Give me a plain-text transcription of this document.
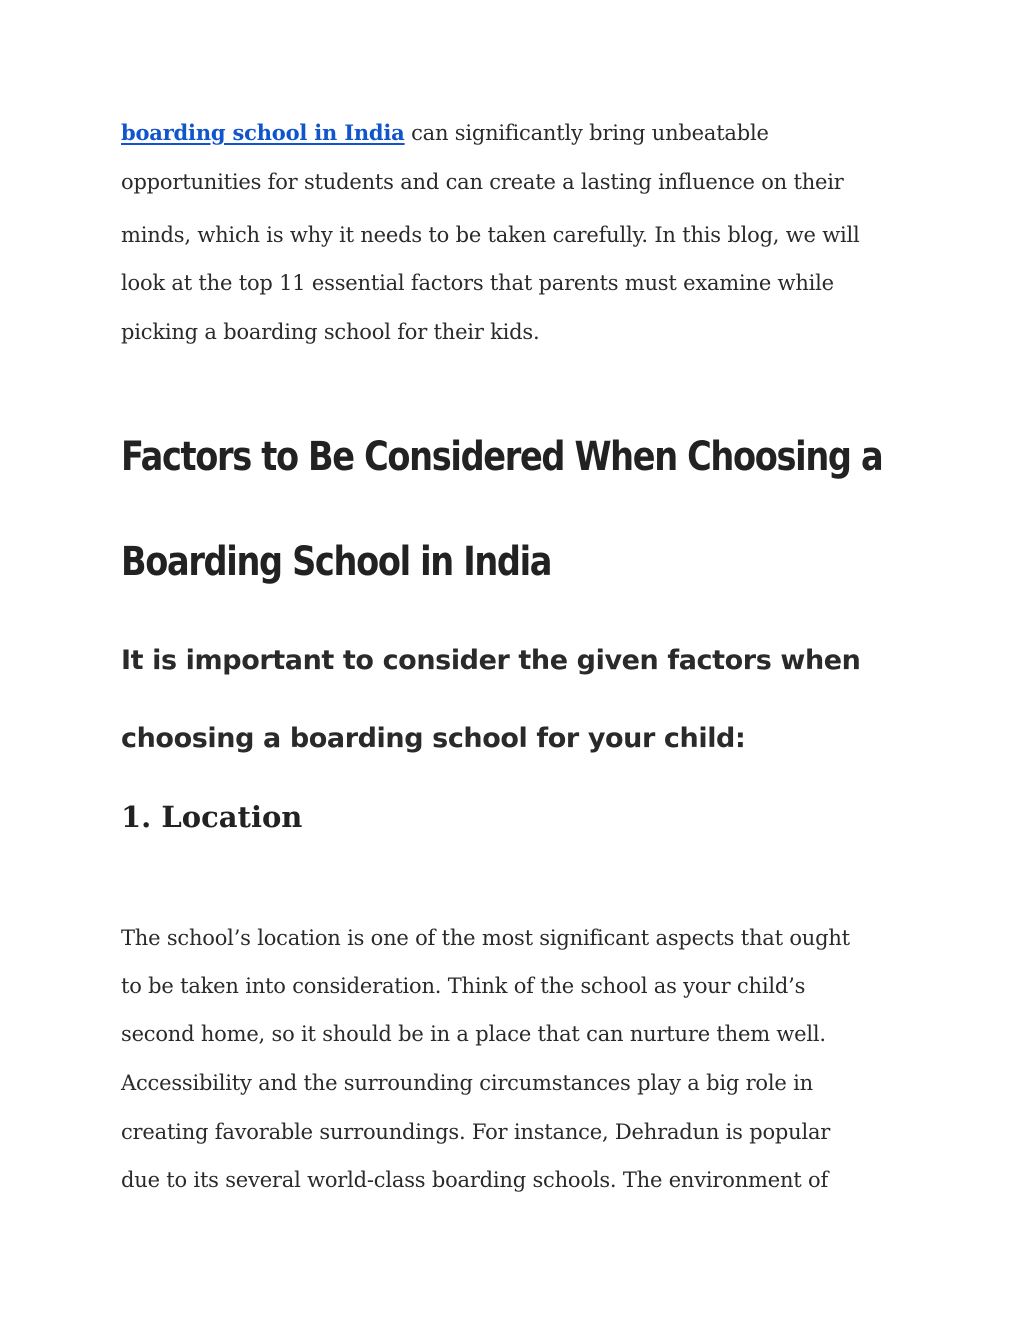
boarding school in India can significantly bring unbeatable
opportunities for students and can create a lasting influence on their
minds, which is why it needs to be taken carefully. In this blog, we will
look at the top 11 essential factors that parents must examine while
picking a boarding school for their kids.
Factors to Be Considered When Choosing a
Boarding School in India
It is important to consider the given factors when
choosing a boarding school for your child:
1. Location
The school’s location is one of the most significant aspects that ought
to be taken into consideration. Think of the school as your child’s
second home, so it should be in a place that can nurture them well.
Accessibility and the surrounding circumstances play a big role in
creating favorable surroundings. For instance, Dehradun is popular
due to its several world-class boarding schools. The environment of
